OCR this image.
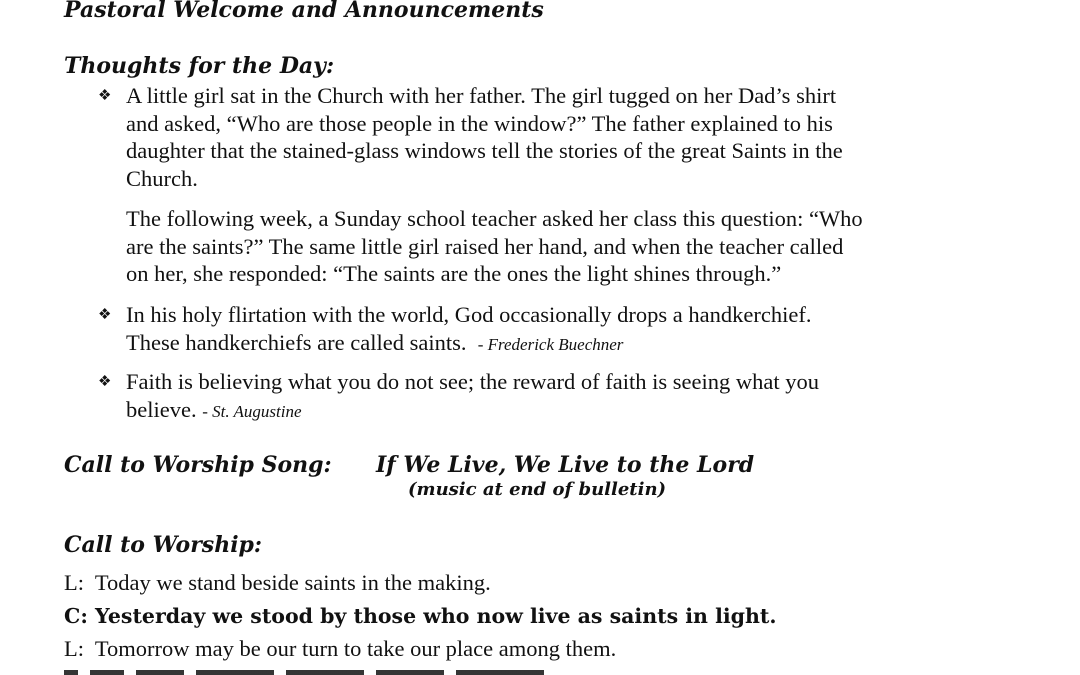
Pastoral Welcome and Announcements
Thoughts for the Day:
❖ A little girl sat in the Church with her father. The girl tugged on her Dad’s shirt
and asked, “Who are those people in the window?” The father explained to his
daughter that the stained-glass windows tell the stories of the great Saints in the
Church.
The following week, a Sunday school teacher asked her class this question: “Who
are the saints?” The same little girl raised her hand, and when the teacher called
on her, she responded: “The saints are the ones the light shines through.”
❖ In his holy flirtation with the world, God occasionally drops a handkerchief.
These handkerchiefs are called saints. - Frederick Buechner
❖ Faith is believing what you do not see; the reward of faith is seeing what you
believe. - St. Augustine
Call to Worship Song: If We Live, We Live to the Lord
(music at end of bulletin)
Call to Worship:
L: Today we stand beside saints in the making.
C: Yesterday we stood by those who now live as saints in light.
L: Tomorrow may be our turn to take our place among them.
